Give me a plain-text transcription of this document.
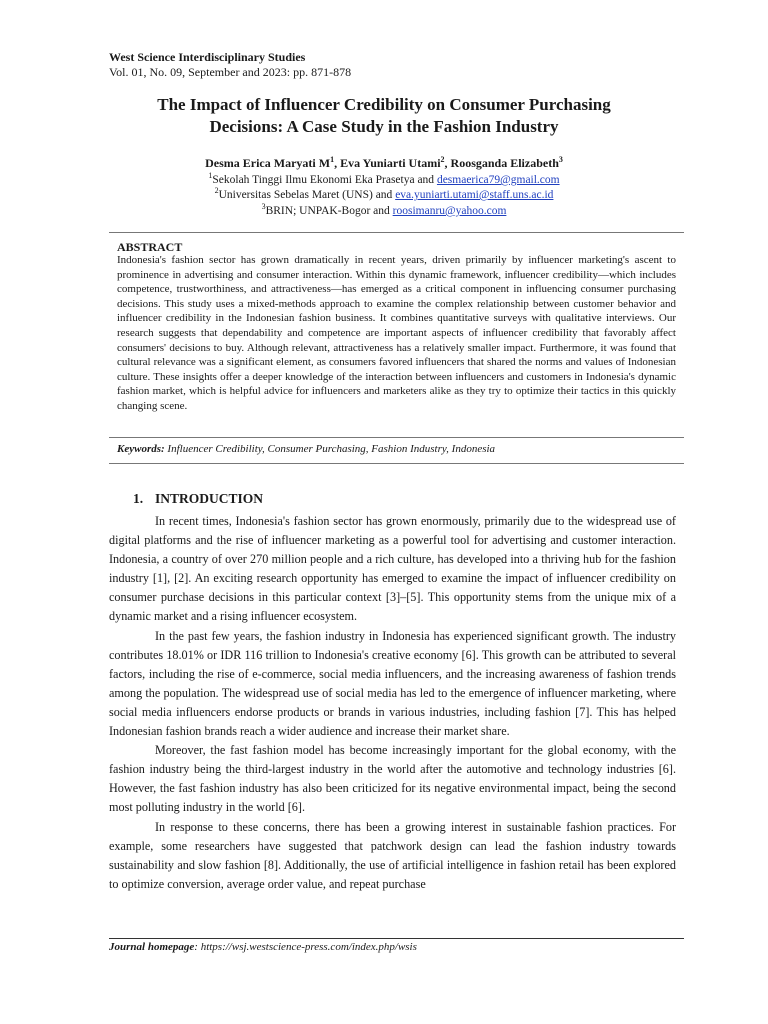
West Science Interdisciplinary Studies
Vol. 01, No. 09, September and 2023: pp. 871-878
The Impact of Influencer Credibility on Consumer Purchasing
Decisions: A Case Study in the Fashion Industry
Desma Erica Maryati $M^1$, Eva Yuniarti Utami$^2$, Roosganda Elizabeth$^3$
$^1$Sekolah Tinggi Ilmu Ekonomi Eka Prasetya and desmaerica79@gmail.com
$^2$Universitas Sebelas Maret (UNS) and eva.yuniarti.utami@staff.uns.ac.id
$^3$BRIN; UNPAK-Bogor and roosimanru@yahoo.com
ABSTRACT

Indonesia's fashion sector has grown dramatically in recent years, driven primarily by influencer marketing's ascent to prominence in advertising and consumer interaction. Within this dynamic framework, influencer credibility—which includes competence, trustworthiness, and attractiveness—has emerged as a critical component in influencing consumer purchasing decisions. This study uses a mixed-methods approach to examine the complex relationship between customer behavior and influencer credibility in the Indonesian fashion business. It combines quantitative surveys with qualitative interviews. Our research suggests that dependability and competence are important aspects of influencer credibility that favorably affect consumers' decisions to buy. Although relevant, attractiveness has a relatively smaller impact. Furthermore, it was found that cultural relevance was a significant element, as consumers favored influencers that shared the norms and values of Indonesian culture. These insights offer a deeper knowledge of the interaction between influencers and customers in Indonesia's dynamic fashion market, which is helpful advice for influencers and marketers alike as they try to optimize their tactics in this quickly changing scene.

Keywords: Influencer Credibility, Consumer Purchasing, Fashion Industry, Indonesia
1. INTRODUCTION

In recent times, Indonesia's fashion sector has grown enormously, primarily due to the widespread use of digital platforms and the rise of influencer marketing as a powerful tool for advertising and customer interaction. Indonesia, a country of over 270 million people and a rich culture, has developed into a thriving hub for the fashion industry [1], [2]. An exciting research opportunity has emerged to examine the impact of influencer credibility on consumer purchase decisions in this particular context [3]–[5]. This opportunity stems from the unique mix of a dynamic market and a rising influencer ecosystem.

In the past few years, the fashion industry in Indonesia has experienced significant growth. The industry contributes 18.01% or IDR 116 trillion to Indonesia's creative economy [6]. This growth can be attributed to several factors, including the rise of e-commerce, social media influencers, and the increasing awareness of fashion trends among the population. The widespread use of social media has led to the emergence of influencer marketing, where social media influencers endorse products or brands in various industries, including fashion [7]. This has helped Indonesian fashion brands reach a wider audience and increase their market share.

Moreover, the fast fashion model has become increasingly important for the global economy, with the fashion industry being the third-largest industry in the world after the automotive and technology industries [6]. However, the fast fashion industry has also been criticized for its negative environmental impact, being the second most polluting industry in the world [6].

In response to these concerns, there has been a growing interest in sustainable fashion practices. For example, some researchers have suggested that patchwork design can lead the fashion industry towards sustainability and slow fashion [8]. Additionally, the use of artificial intelligence in fashion retail has been explored to optimize conversion, average order value, and repeat purchase

Journal homepage: https://wsj.westscience-press.com/index.php/wsis
